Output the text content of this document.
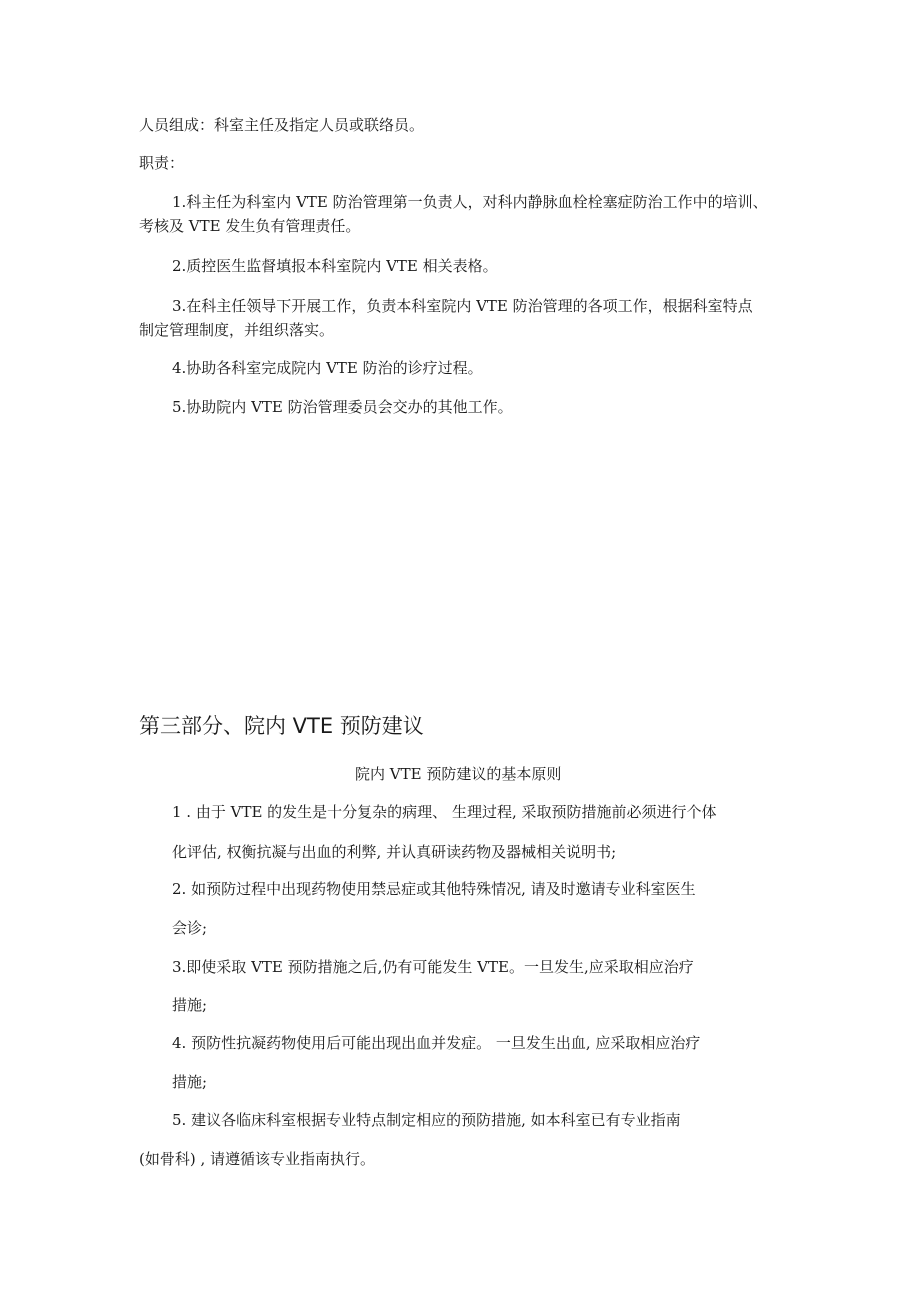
人员组成：科室主任及指定人员或联络员。

职责：

1.科主任为科室内 VTE 防治管理第一负责人，对科内静脉血栓栓塞症防治工作中的培训、

考核及 VTE 发生负有管理责任。

2.质控医生监督填报本科室院内 VTE 相关表格。

3.在科主任领导下开展工作，负责本科室院内 VTE 防治管理的各项工作，根据科室特点

制定管理制度，并组织落实。

4.协助各科室完成院内 VTE 防治的诊疗过程。

5.协助院内 VTE 防治管理委员会交办的其他工作。

第三部分、院内 VTE 预防建议

院内 VTE 预防建议的基本原则

1 . 由于 VTE 的发生是十分复杂的病理、 生理过程, 采取预防措施前必须进行个体

化评估, 权衡抗凝与出血的利弊, 并认真研读药物及器械相关说明书;

2. 如预防过程中出现药物使用禁忌症或其他特殊情况, 请及时邀请专业科室医生

会诊;

3.即使采取 VTE 预防措施之后,仍有可能发生 VTE。一旦发生,应采取相应治疗

措施;

4. 预防性抗凝药物使用后可能出现出血并发症。 一旦发生出血, 应采取相应治疗

措施;

5. 建议各临床科室根据专业特点制定相应的预防措施, 如本科室已有专业指南

(如骨科) , 请遵循该专业指南执行。
